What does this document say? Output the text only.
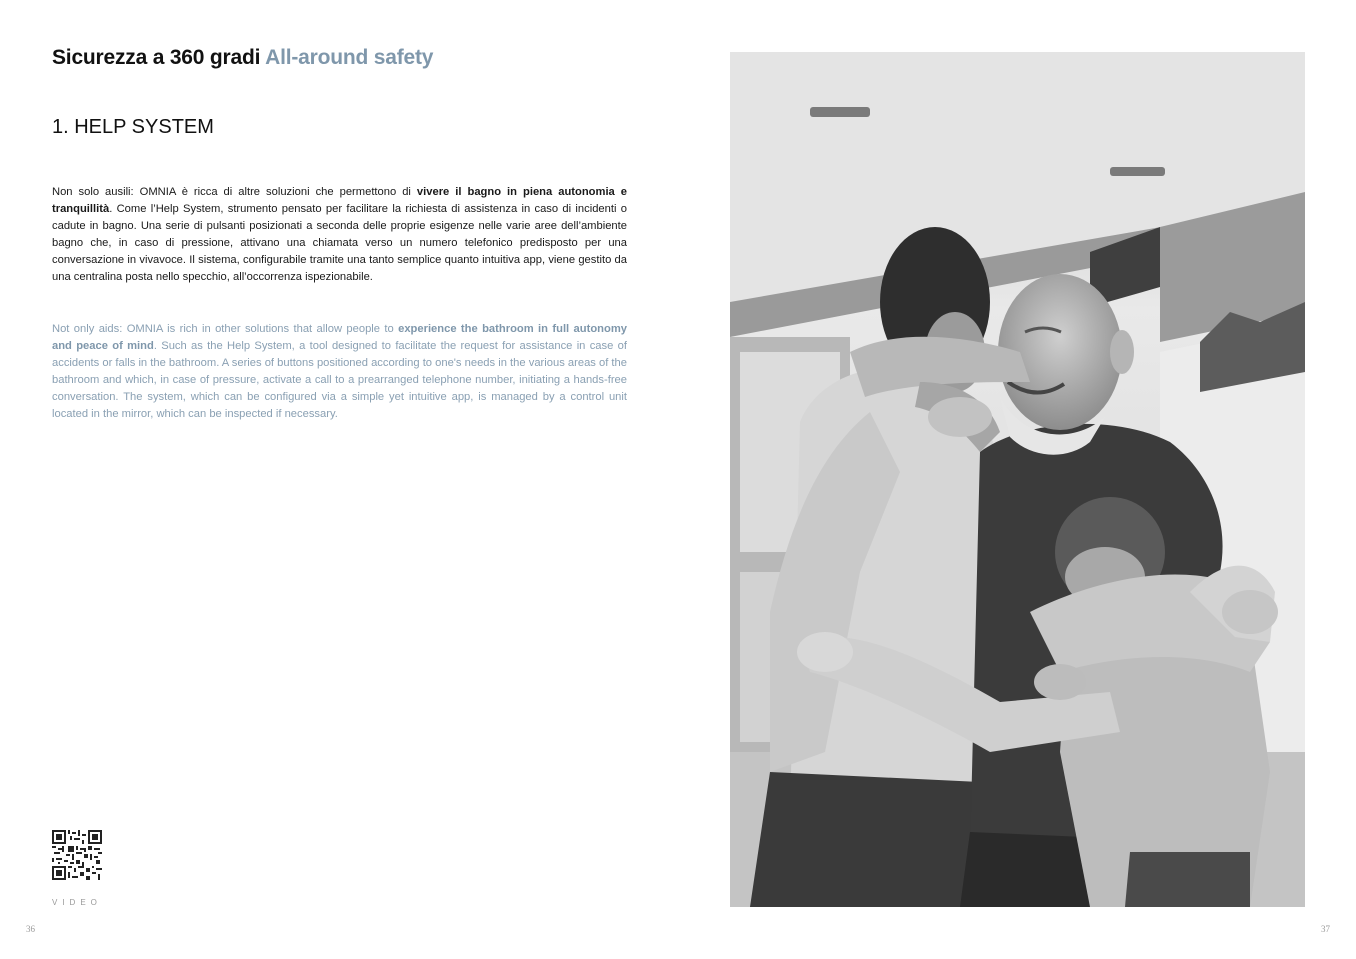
Sicurezza a 360 gradi All-around safety
1. HELP SYSTEM

Non solo ausili: OMNIA è ricca di altre soluzioni che permettono di vivere il bagno in piena autonomia e tranquillità. Come l’Help System, strumento pensato per facilitare la richiesta di assistenza in caso di incidenti o cadute in bagno. Una serie di pulsanti posizionati a seconda delle proprie esigenze nelle varie aree dell’ambiente bagno che, in caso di pressione, attivano una chiamata verso un numero telefonico predisposto per una conversazione in vivavoce. Il sistema, configurabile tramite una tanto semplice quanto intuitiva app, viene gestito da una centralina posta nello specchio, all’occorrenza ispezionabile.

Not only aids: OMNIA is rich in other solutions that allow people to experience the bathroom in full autonomy and peace of mind. Such as the Help System, a tool designed to facilitate the request for assistance in case of accidents or falls in the bathroom. A series of buttons positioned according to one's needs in the various areas of the bathroom and which, in case of pressure, activate a call to a prearranged telephone number, initiating a hands-free conversation. The system, which can be configured via a simple yet intuitive app, is managed by a control unit located in the mirror, which can be inspected if necessary.

VIDEO
36	37
